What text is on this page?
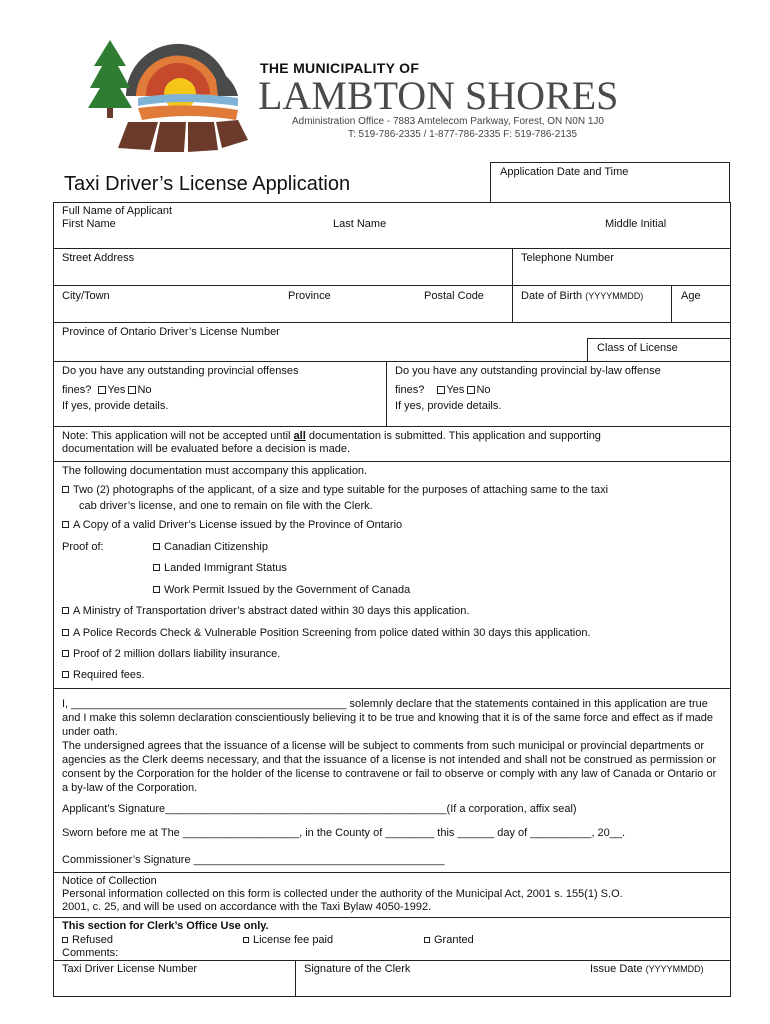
THE MUNICIPALITY OF
LAMBTON SHORES
Administration Office - 7883 Amtelecom Parkway, Forest, ON N0N 1J0
T: 519-786-2335 / 1-877-786-2335 F: 519-786-2135
Taxi Driver’s License Application
Application Date and Time
Full Name of Applicant
First Name	Last Name	Middle Initial
Street Address	Telephone Number
City/Town	Province	Postal Code	Date of Birth (YYYYMMDD)	Age
Province of Ontario Driver’s License Number
Class of License
Do you have any outstanding provincial offenses
fines? Yes No
If yes, provide details.
Do you have any outstanding provincial by-law offense
fines? Yes No
If yes, provide details.
Note: This application will not be accepted until all documentation is submitted. This application and supporting
documentation will be evaluated before a decision is made.
The following documentation must accompany this application.
Two (2) photographs of the applicant, of a size and type suitable for the purposes of attaching same to the taxi
cab driver’s license, and one to remain on file with the Clerk.
A Copy of a valid Driver’s License issued by the Province of Ontario
Proof of:	Canadian Citizenship
Landed Immigrant Status
Work Permit Issued by the Government of Canada
A Ministry of Transportation driver’s abstract dated within 30 days this application.
A Police Records Check & Vulnerable Position Screening from police dated within 30 days this application.
Proof of 2 million dollars liability insurance.
Required fees.
I, _____________________________________________ solemnly declare that the statements contained in this application are true and I make this solemn declaration conscientiously believing it to be true and knowing that it is of the same force and effect as if made under oath.
The undersigned agrees that the issuance of a license will be subject to comments from such municipal or provincial departments or agencies as the Clerk deems necessary, and that the issuance of a license is not intended and shall not be construed as permission or consent by the Corporation for the holder of the license to contravene or fail to observe or comply with any law of Canada or Ontario or a by-law of the Corporation.
Applicant’s Signature______________________________________________(If a corporation, affix seal)
Sworn before me at The ___________________, in the County of ________ this ______ day of __________, 20__.
Commissioner’s Signature _________________________________________
Notice of Collection
Personal information collected on this form is collected under the authority of the Municipal Act, 2001 s. 155(1) S.O.
2001, c. 25, and will be used on accordance with the Taxi Bylaw 4050-1992.
This section for Clerk’s Office Use only.
Refused	License fee paid	Granted
Comments:
Taxi Driver License Number	Signature of the Clerk	Issue Date (YYYYMMDD)
